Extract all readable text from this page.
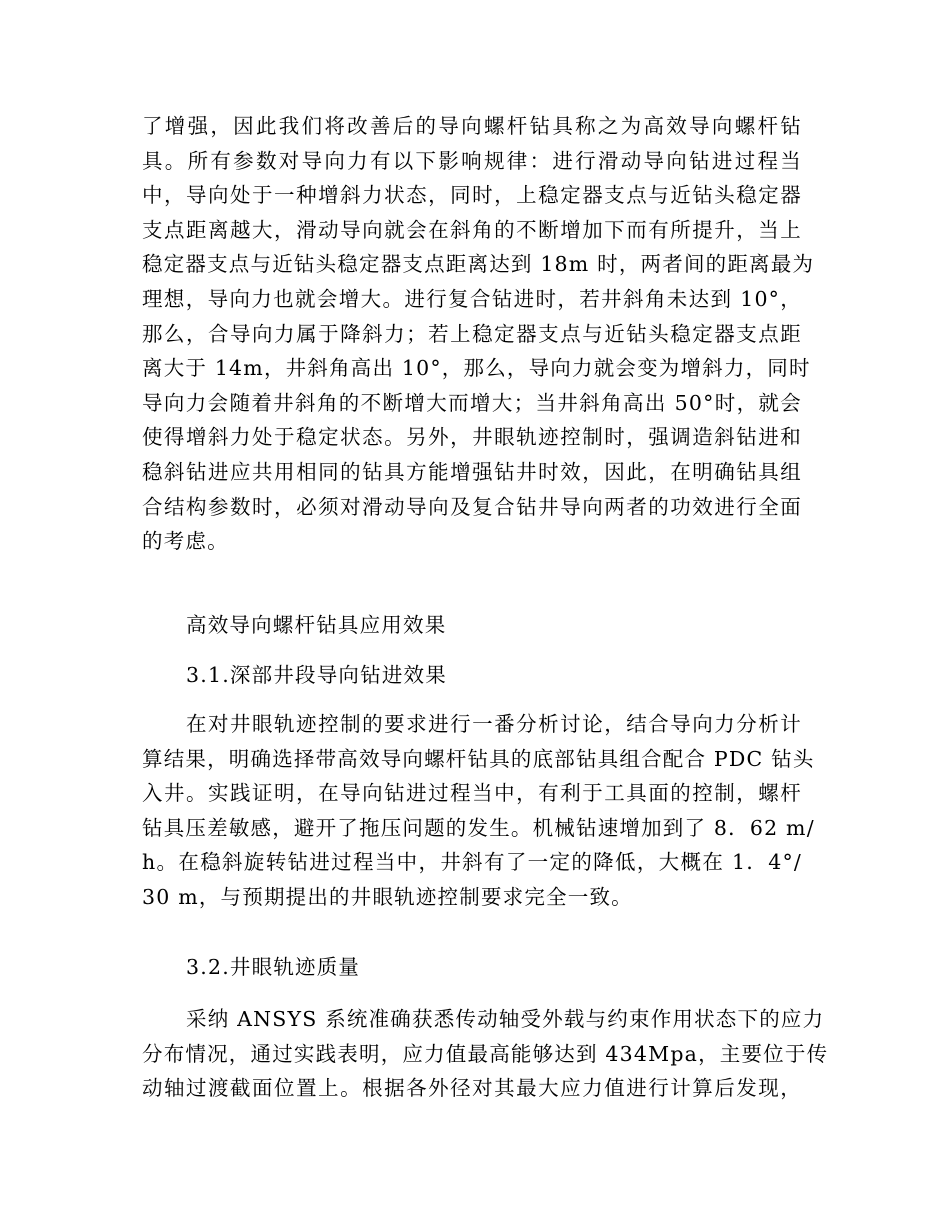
了增强，因此我们将改善后的导向螺杆钻具称之为高效导向螺杆钻
具。所有参数对导向力有以下影响规律：进行滑动导向钻进过程当
中，导向处于一种增斜力状态，同时，上稳定器支点与近钻头稳定器
支点距离越大，滑动导向就会在斜角的不断增加下而有所提升，当上
稳定器支点与近钻头稳定器支点距离达到 18m 时，两者间的距离最为
理想，导向力也就会增大。进行复合钻进时，若井斜角未达到 10°，
那么，合导向力属于降斜力；若上稳定器支点与近钻头稳定器支点距
离大于 14m，井斜角高出 10°，那么，导向力就会变为增斜力，同时
导向力会随着井斜角的不断增大而增大；当井斜角高出 50°时，就会
使得增斜力处于稳定状态。另外，井眼轨迹控制时，强调造斜钻进和
稳斜钻进应共用相同的钻具方能增强钻井时效，因此，在明确钻具组
合结构参数时，必须对滑动导向及复合钻井导向两者的功效进行全面
的考虑。
高效导向螺杆钻具应用效果
3.1.深部井段导向钻进效果
在对井眼轨迹控制的要求进行一番分析讨论，结合导向力分析计
算结果，明确选择带高效导向螺杆钻具的底部钻具组合配合 PDC 钻头
入井。实践证明，在导向钻进过程当中，有利于工具面的控制，螺杆
钻具压差敏感，避开了拖压问题的发生。机械钻速增加到了 8．62 m/
h。在稳斜旋转钻进过程当中，井斜有了一定的降低，大概在 1．4°/
30 m，与预期提出的井眼轨迹控制要求完全一致。
3.2.井眼轨迹质量
采纳 ANSYS 系统准确获悉传动轴受外载与约束作用状态下的应力
分布情况，通过实践表明，应力值最高能够达到 434Mpa，主要位于传
动轴过渡截面位置上。根据各外径对其最大应力值进行计算后发现，
